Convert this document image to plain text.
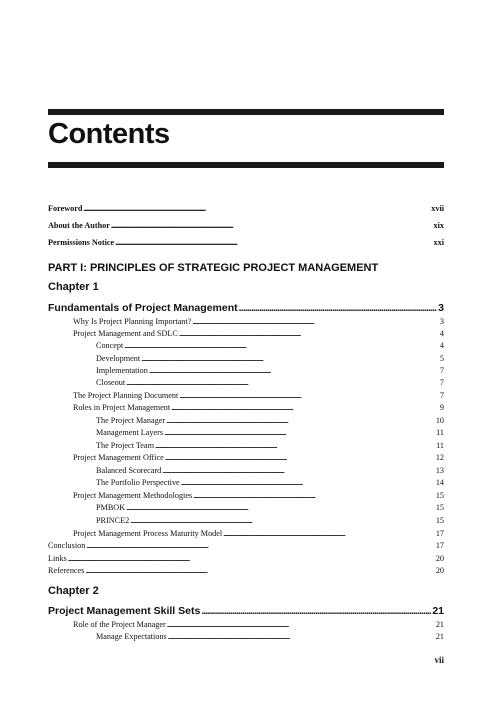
Contents
Foreword . . .	xvii
About the Author . . .	xix
Permissions Notice . . .	xxi
PART I: PRINCIPLES OF STRATEGIC PROJECT MANAGEMENT
Chapter 1
Fundamentals of Project Management . . .	3
Why Is Project Planning Important? . . .	3
Project Management and SDLC . . .	4
Concept . . .	4
Development . . .	5
Implementation . . .	7
Closeout . . .	7
The Project Planning Document . . .	7
Roles in Project Management . . .	9
The Project Manager . . .	10
Management Layers . . .	11
The Project Team . . .	11
Project Management Office . . .	12
Balanced Scorecard . . .	13
The Portfolio Perspective . . .	14
Project Management Methodologies . . .	15
PMBOK . . .	15
PRINCE2 . . .	15
Project Management Process Maturity Model . . .	17
Conclusion . . .	17
Links . . .	20
References . . .	20
Chapter 2
Project Management Skill Sets . . .	21
Role of the Project Manager . . .	21
Manage Expectations . . .	21
vii
